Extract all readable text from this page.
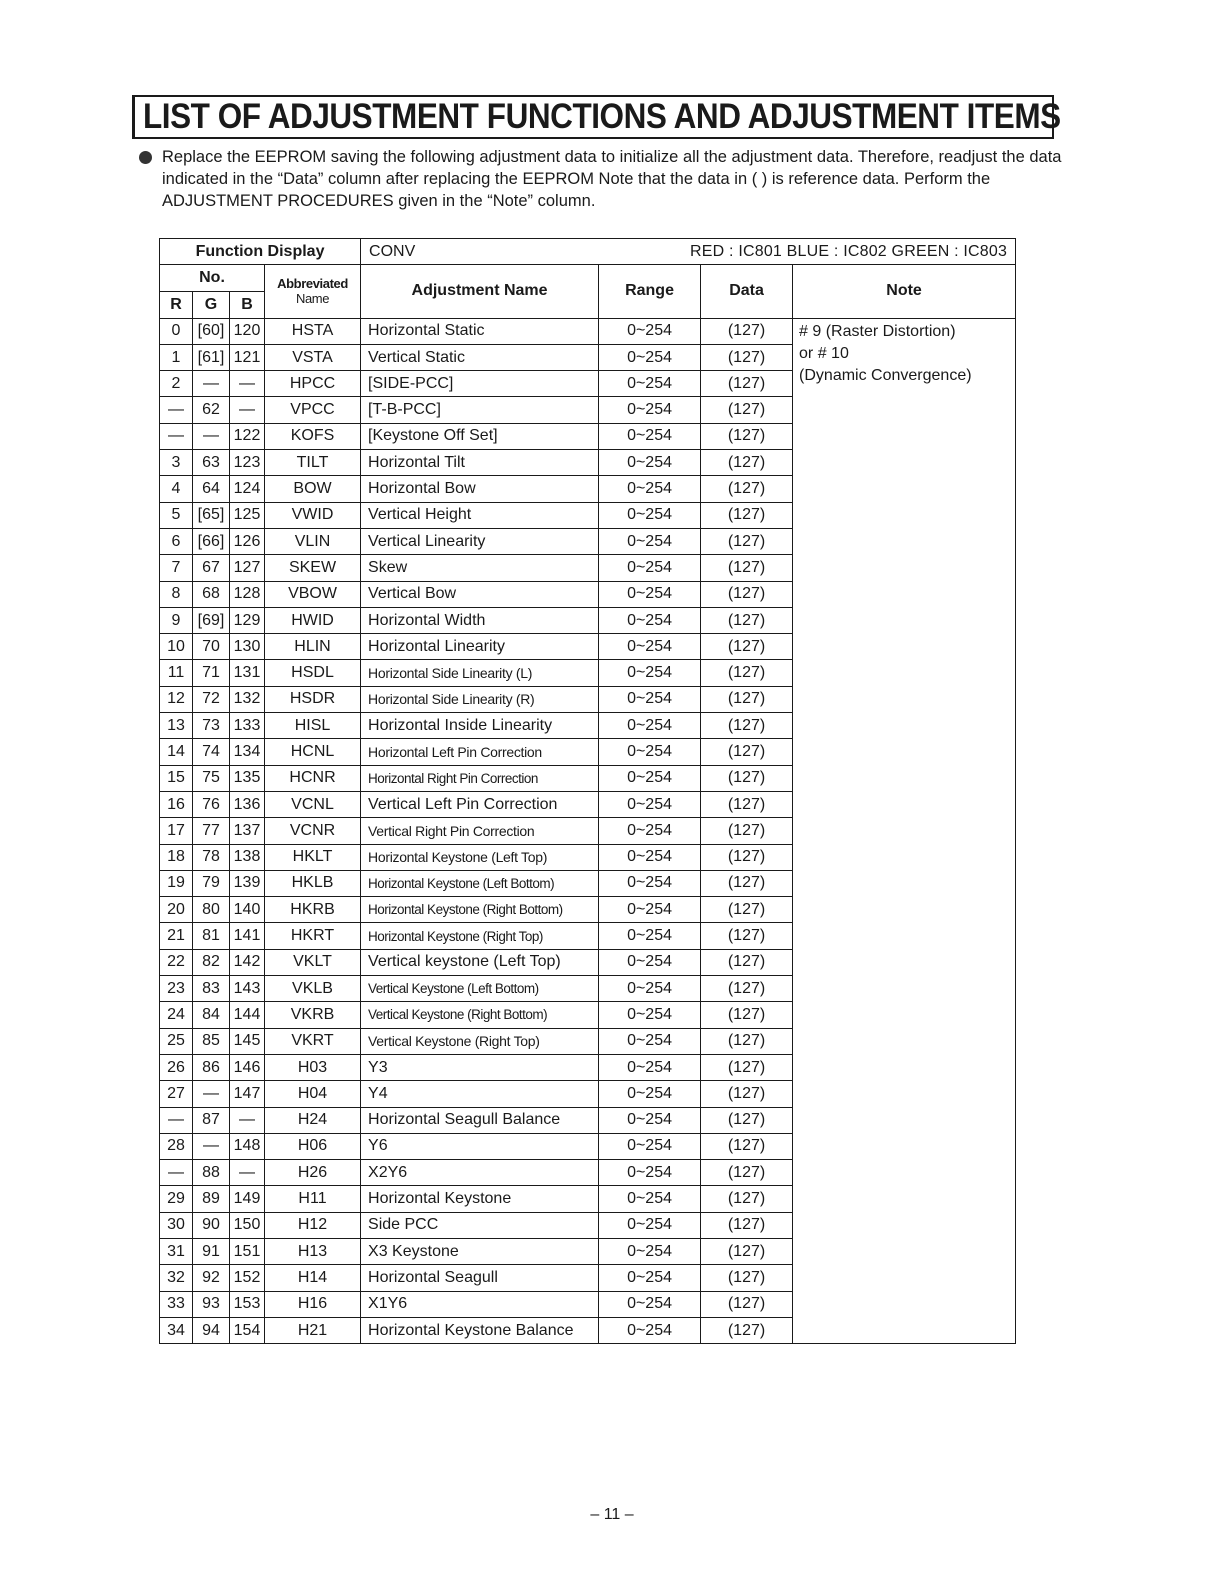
LIST OF ADJUSTMENT FUNCTIONS AND ADJUSTMENT ITEMS
Replace the EEPROM saving the following adjustment data to initialize all the adjustment data. Therefore, readjust the data
indicated in the “Data” column after replacing the EEPROM Note that the data in ( ) is reference data. Perform the
ADJUSTMENT PROCEDURES given in the “Note” column.
Function Display				CONV RED : IC801 BLUE : IC802 GREEN : IC803			

No.			Abbreviated
Name	Adjustment Name	Range	Data	Note
R	G	B					
0	[60]	120	HSTA	Horizontal Static	0~254	(127)	# 9 (Raster Distortion)
or # 10
(Dynamic Convergence)

1	[61]	121	VSTA	Vertical Static	0~254	(127)	
2	—	—	HPCC	[SIDE-PCC]	0~254	(127)	
—	62	—	VPCC	[T-B-PCC]	0~254	(127)	
—	—	122	KOFS	[Keystone Off Set]	0~254	(127)	
3	63	123	TILT	Horizontal Tilt	0~254	(127)	
4	64	124	BOW	Horizontal Bow	0~254	(127)	
5	[65]	125	VWID	Vertical Height	0~254	(127)	
6	[66]	126	VLIN	Vertical Linearity	0~254	(127)	
7	67	127	SKEW	Skew	0~254	(127)	
8	68	128	VBOW	Vertical Bow	0~254	(127)	
9	[69]	129	HWID	Horizontal Width	0~254	(127)	
10	70	130	HLIN	Horizontal Linearity	0~254	(127)	
11	71	131	HSDL	Horizontal Side Linearity (L)	0~254	(127)	
12	72	132	HSDR	Horizontal Side Linearity (R)	0~254	(127)	
13	73	133	HISL	Horizontal Inside Linearity	0~254	(127)	
14	74	134	HCNL	Horizontal Left Pin Correction	0~254	(127)	
15	75	135	HCNR	Horizontal Right Pin Correction	0~254	(127)	
16	76	136	VCNL	Vertical Left Pin Correction	0~254	(127)	
17	77	137	VCNR	Vertical Right Pin Correction	0~254	(127)	
18	78	138	HKLT	Horizontal Keystone (Left Top)	0~254	(127)	
19	79	139	HKLB	Horizontal Keystone (Left Bottom)	0~254	(127)	
20	80	140	HKRB	Horizontal Keystone (Right Bottom)	0~254	(127)	
21	81	141	HKRT	Horizontal Keystone (Right Top)	0~254	(127)	
22	82	142	VKLT	Vertical keystone (Left Top)	0~254	(127)	
23	83	143	VKLB	Vertical Keystone (Left Bottom)	0~254	(127)	
24	84	144	VKRB	Vertical Keystone (Right Bottom)	0~254	(127)	
25	85	145	VKRT	Vertical Keystone (Right Top)	0~254	(127)	
26	86	146	H03	Y3	0~254	(127)	
27	—	147	H04	Y4	0~254	(127)	
—	87	—	H24	Horizontal Seagull Balance	0~254	(127)	
28	—	148	H06	Y6	0~254	(127)	
—	88	—	H26	X2Y6	0~254	(127)	
29	89	149	H11	Horizontal Keystone	0~254	(127)	
30	90	150	H12	Side PCC	0~254	(127)	
31	91	151	H13	X3 Keystone	0~254	(127)	
32	92	152	H14	Horizontal Seagull	0~254	(127)	
33	93	153	H16	X1Y6	0~254	(127)	
34	94	154	H21	Horizontal Keystone Balance	0~254	(127)	
– 11 –
